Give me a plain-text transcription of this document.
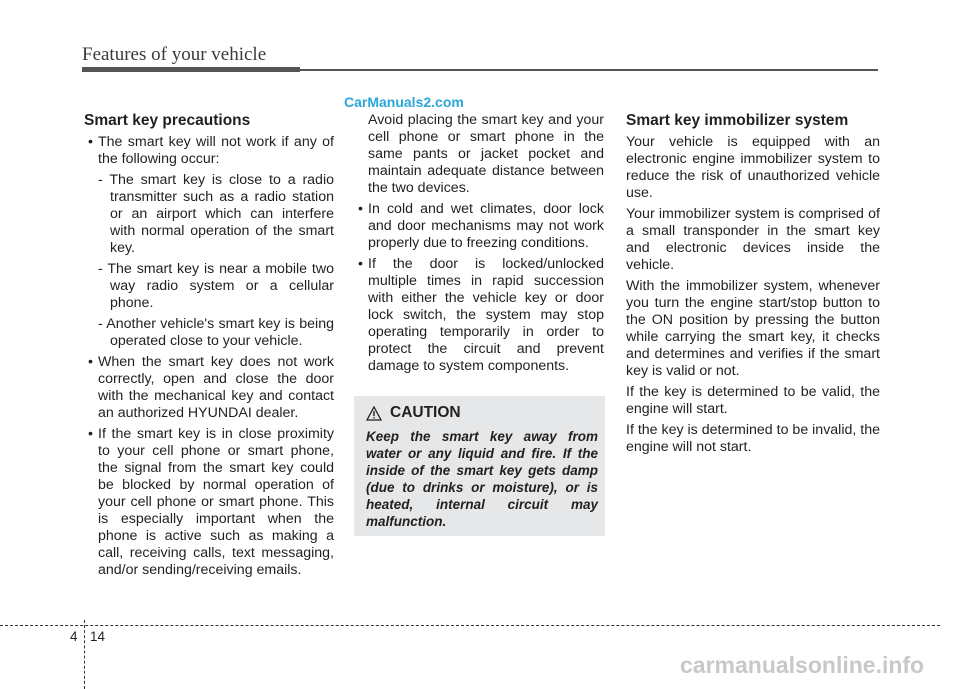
Features of your vehicle
CarManuals2.com

Smart key precautions

• The smart key will not work if any of the following occur:

- The smart key is close to a radio transmitter such as a radio station or an airport which can interfere with normal operation of the smart key.

- The smart key is near a mobile two way radio system or a cellular phone.

- Another vehicle's smart key is being operated close to your vehicle.

• When the smart key does not work correctly, open and close the door with the mechanical key and contact an authorized HYUNDAI dealer.

• If the smart key is in close proximity to your cell phone or smart phone, the signal from the smart key could be blocked by normal operation of your cell phone or smart phone. This is especially important when the phone is active such as making a call, receiving calls, text messaging, and/or sending/receiving emails.

Avoid placing the smart key and your cell phone or smart phone in the same pants or jacket pocket and maintain adequate distance between the two devices.

• In cold and wet climates, door lock and door mechanisms may not work properly due to freezing conditions.

• If the door is locked/unlocked multiple times in rapid succession with either the vehicle key or door lock switch, the system may stop operating temporarily in order to protect the circuit and prevent damage to system components.

CAUTION
Keep the smart key away from water or any liquid and fire. If the inside of the smart key gets damp (due to drinks or moisture), or is heated, internal circuit may malfunction.

Smart key immobilizer system

Your vehicle is equipped with an electronic engine immobilizer system to reduce the risk of unauthorized vehicle use.

Your immobilizer system is comprised of a small transponder in the smart key and electronic devices inside the vehicle.

With the immobilizer system, whenever you turn the engine start/stop button to the ON position by pressing the button while carrying the smart key, it checks and determines and verifies if the smart key is valid or not.

If the key is determined to be valid, the engine will start.

If the key is determined to be invalid, the engine will not start.

4 14
carmanualsonline.info
